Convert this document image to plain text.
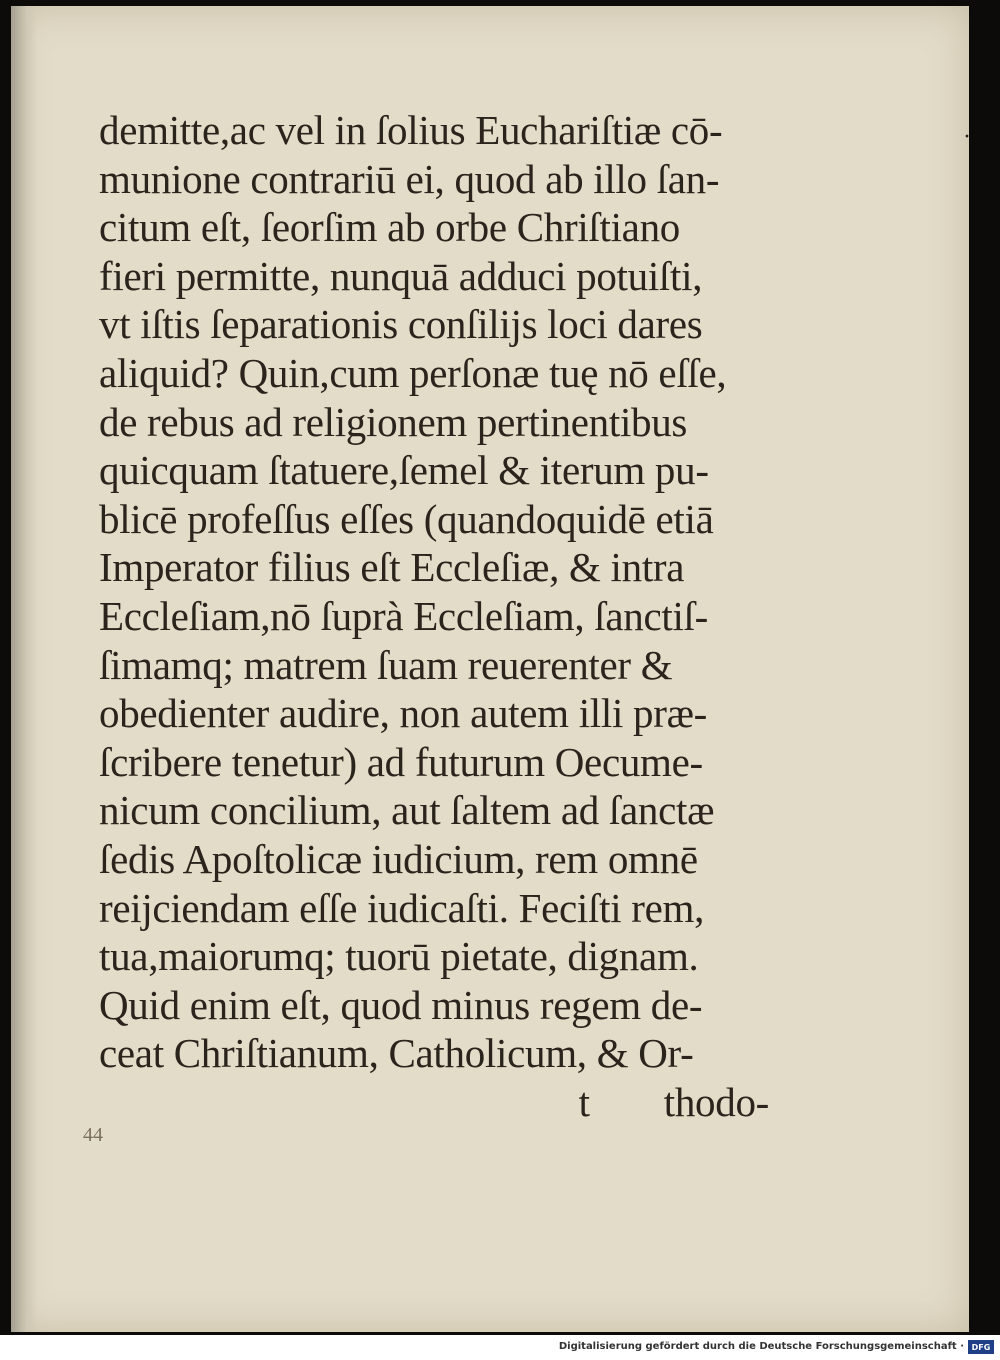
demitte,ac vel in ſolius Euchariſtiæ cō-
munione contrariū ei, quod ab illo ſan-
citum eſt, ſeorſim ab orbe Chriſtiano
fieri permitte, nunquā adduci potuiſti,
vt iſtis ſeparationis conſilijs loci dares
aliquid? Quin,cum perſonæ tuę nō eſſe,
de rebus ad religionem pertinentibus
quicquam ſtatuere,ſemel & iterum pu-
blicē profeſſus eſſes (quandoquidē etiā
Imperator filius eſt Eccleſiæ, & intra
Eccleſiam,nō ſuprà Eccleſiam, ſanctiſ-
ſimamq; matrem ſuam reuerenter &
obedienter audire, non autem illi præ-
ſcribere tenetur) ad futurum Oecume-
nicum concilium, aut ſaltem ad ſanctæ
ſedis Apoſtolicæ iudicium, rem omnē
reijciendam eſſe iudicaſti. Feciſti rem,
tua,maiorumq; tuorū pietate, dignam.
Quid enim eſt, quod minus regem de-
ceat Chriſtianum, Catholicum, & Or-
t thodo-
44
·
Digitalisierung gefördert durch die Deutsche Forschungsgemeinschaft · DFG
